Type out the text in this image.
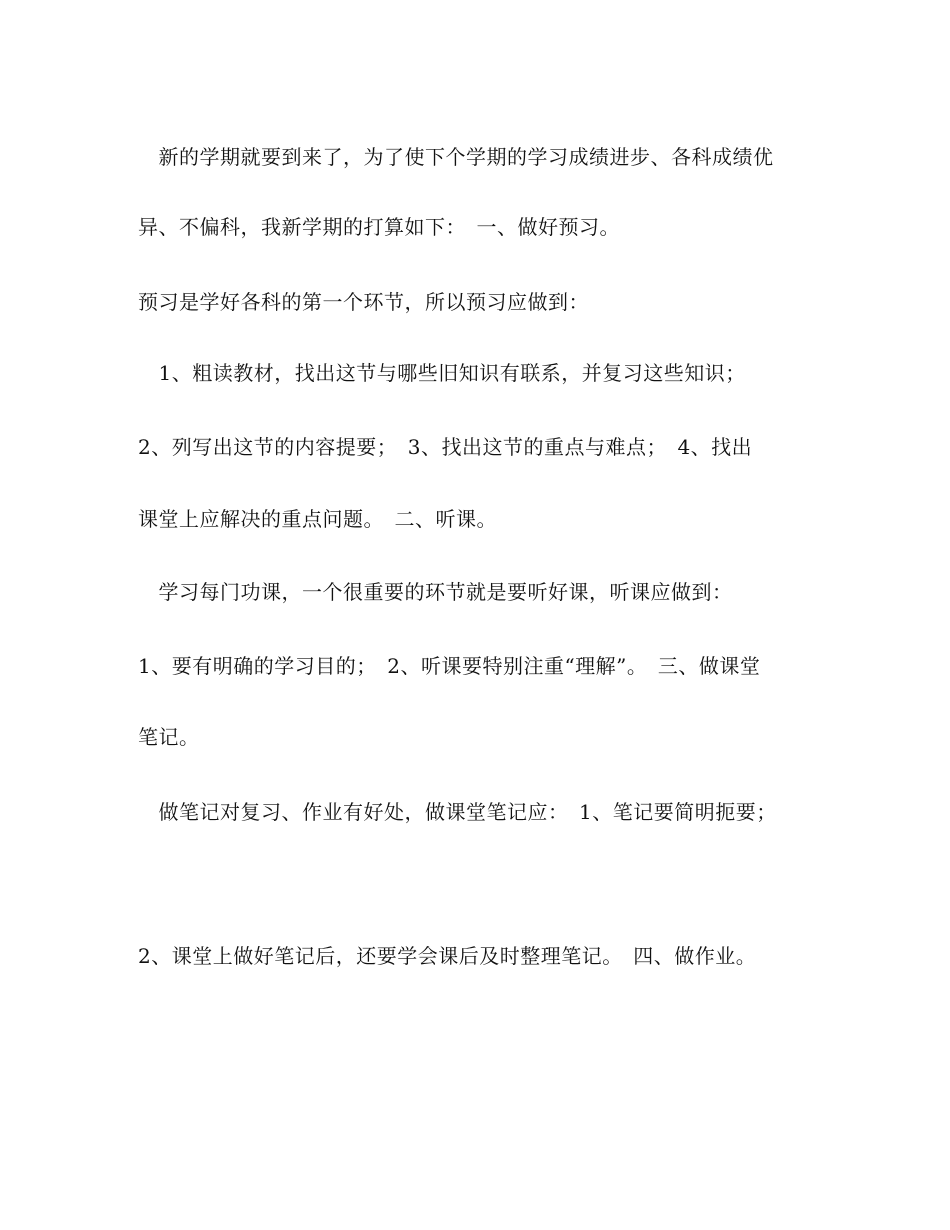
　新的学期就要到来了，为了使下个学期的学习成绩进步、各科成绩优
异、不偏科，我新学期的打算如下：　一、做好预习。
预习是学好各科的第一个环节，所以预习应做到：
　1、粗读教材，找出这节与哪些旧知识有联系，并复习这些知识；
2、列写出这节的内容提要；　3、找出这节的重点与难点；　4、找出
课堂上应解决的重点问题。　二、听课。
　学习每门功课，一个很重要的环节就是要听好课，听课应做到：
1、要有明确的学习目的；　2、听课要特别注重“理解”。　三、做课堂
笔记。
　做笔记对复习、作业有好处，做课堂笔记应：　1、笔记要简明扼要；
2、课堂上做好笔记后，还要学会课后及时整理笔记。　四、做作业。
